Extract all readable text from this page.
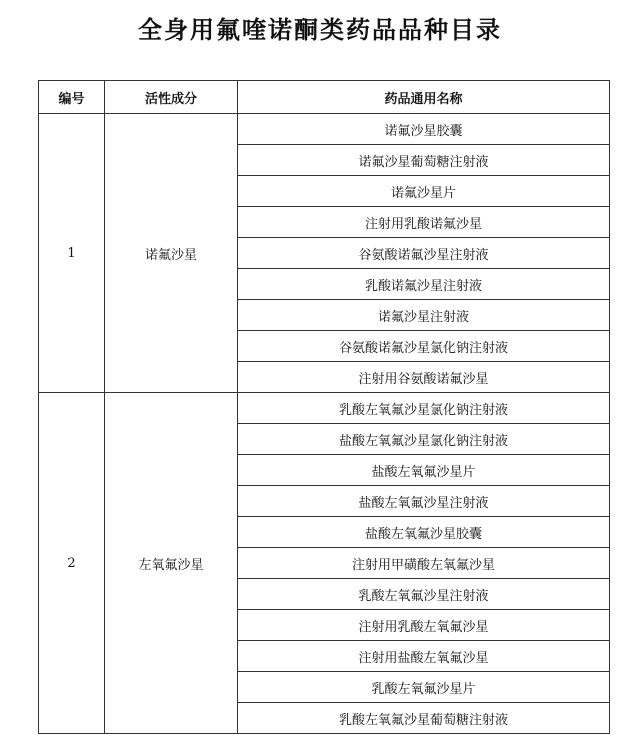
全身用氟喹诺酮类药品品种目录
编号	活性成分	药品通用名称
1	诺氟沙星	诺氟沙星胶囊
		诺氟沙星葡萄糖注射液
		诺氟沙星片
		注射用乳酸诺氟沙星
		谷氨酸诺氟沙星注射液
		乳酸诺氟沙星注射液
		诺氟沙星注射液
		谷氨酸诺氟沙星氯化钠注射液
		注射用谷氨酸诺氟沙星
2	左氧氟沙星	乳酸左氧氟沙星氯化钠注射液
		盐酸左氧氟沙星氯化钠注射液
		盐酸左氧氟沙星片
		盐酸左氧氟沙星注射液
		盐酸左氧氟沙星胶囊
		注射用甲磺酸左氧氟沙星
		乳酸左氧氟沙星注射液
		注射用乳酸左氧氟沙星
		注射用盐酸左氧氟沙星
		乳酸左氧氟沙星片
		乳酸左氧氟沙星葡萄糖注射液
